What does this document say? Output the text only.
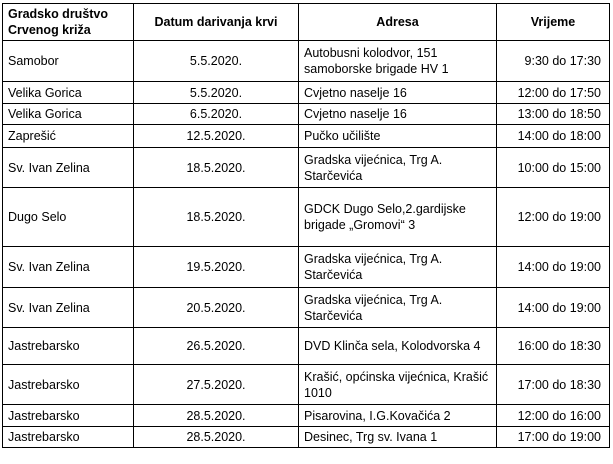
Gradsko društvo Crvenog križa	Datum darivanja krvi	Adresa	Vrijeme
Samobor	5.5.2020.	Autobusni kolodvor, 151 samoborske brigade HV 1	9:30 do 17:30
Velika Gorica	5.5.2020.	Cvjetno naselje 16	12:00 do 17:50
Velika Gorica	6.5.2020.	Cvjetno naselje 16	13:00 do 18:50
Zaprešić	12.5.2020.	Pučko učilište	14:00 do 18:00
Sv. Ivan Zelina	18.5.2020.	Gradska vijećnica, Trg A. Starčevića	10:00 do 15:00
Dugo Selo	18.5.2020.	GDCK Dugo Selo,2.gardijske brigade „Gromovi“ 3	12:00 do 19:00
Sv. Ivan Zelina	19.5.2020.	Gradska vijećnica, Trg A. Starčevića	14:00 do 19:00
Sv. Ivan Zelina	20.5.2020.	Gradska vijećnica, Trg A. Starčevića	14:00 do 19:00
Jastrebarsko	26.5.2020.	DVD Klinča sela, Kolodvorska 4	16:00 do 18:30
Jastrebarsko	27.5.2020.	Krašić, općinska vijećnica, Krašić 1010	17:00 do 18:30
Jastrebarsko	28.5.2020.	Pisarovina, I.G.Kovačića 2	12:00 do 16:00
Jastrebarsko	28.5.2020.	Desinec, Trg sv. Ivana 1	17:00 do 19:00
